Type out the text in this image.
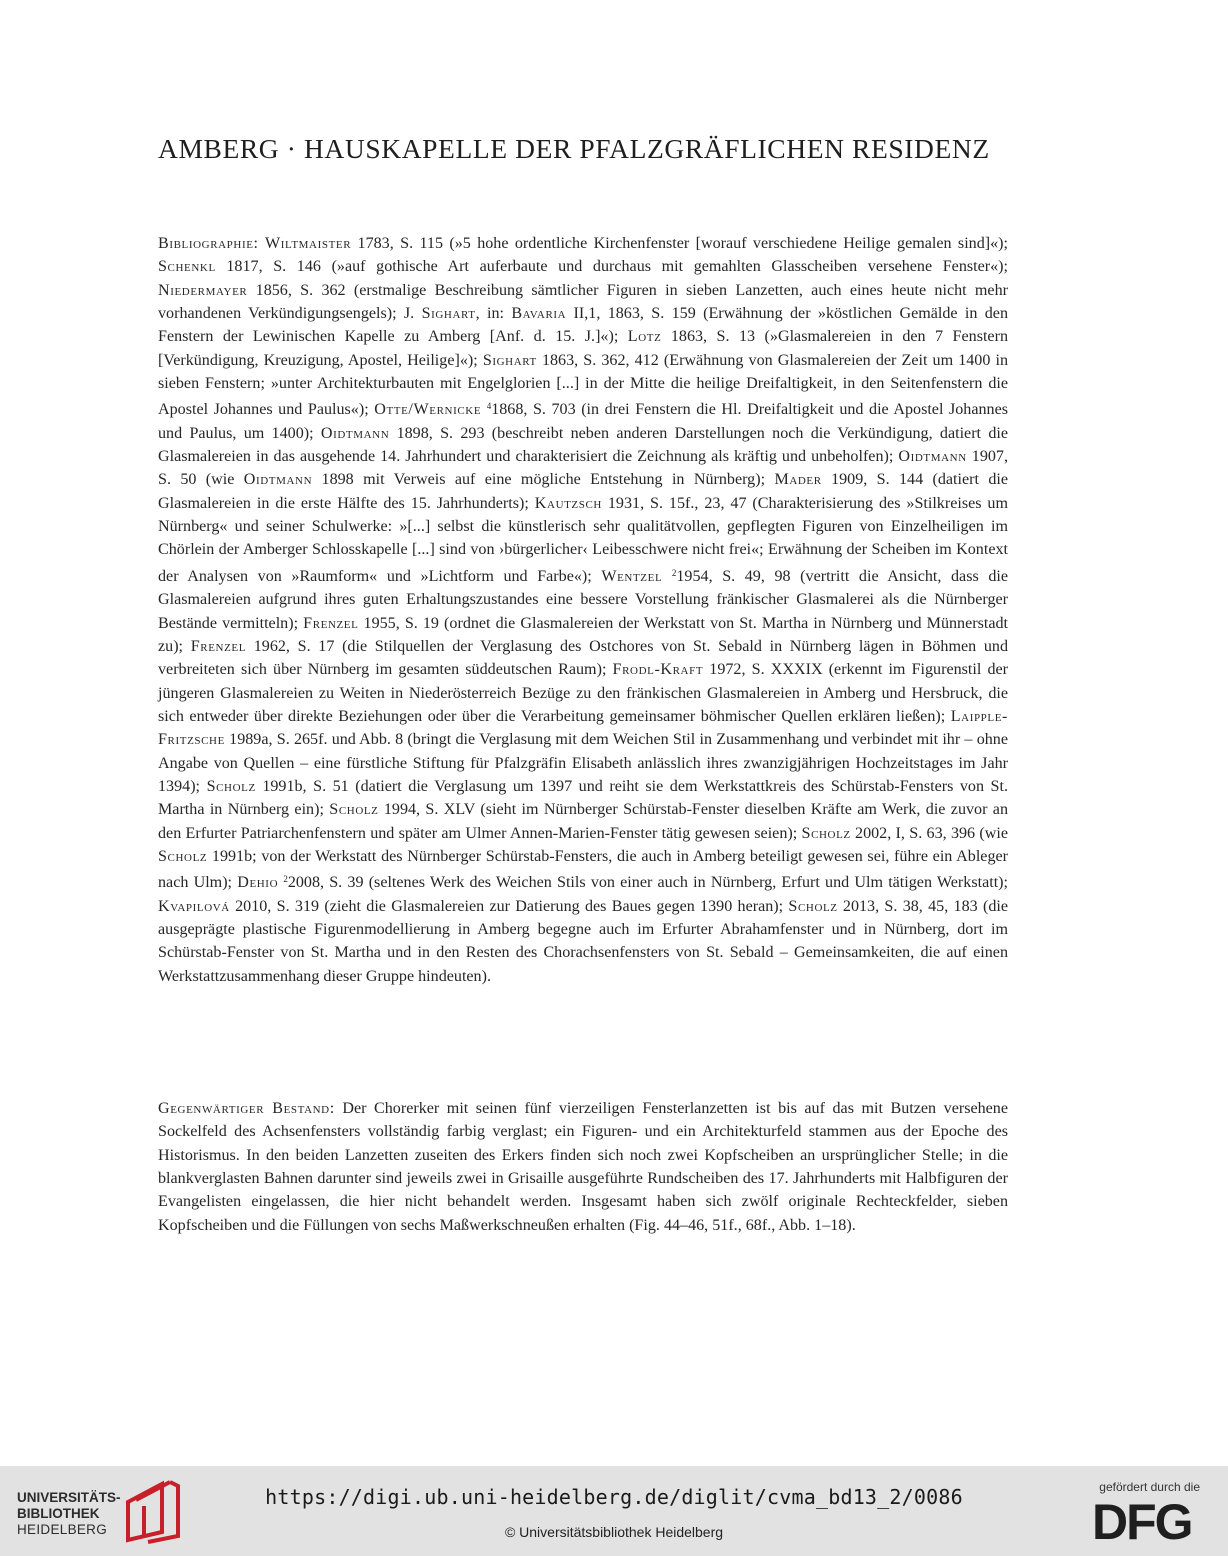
AMBERG · HAUSKAPELLE DER PFALZGRÄFLICHEN RESIDENZ

Bibliographie: Wiltmaister 1783, S. 115 (»5 hohe ordentliche Kirchenfenster [worauf verschiedene Heilige gemalen sind]«); Schenkl 1817, S. 146 (»auf gothische Art auferbaute und durchaus mit gemahlten Glasscheiben versehene Fenster«); Niedermayer 1856, S. 362 (erstmalige Beschreibung sämtlicher Figuren in sieben Lanzetten, auch eines heute nicht mehr vorhandenen Verkündigungsengels); J. Sighart, in: Bavaria II,1, 1863, S. 159 (Erwähnung der »köstlichen Gemälde in den Fenstern der Lewinischen Kapelle zu Amberg [Anf. d. 15. J.]«); Lotz 1863, S. 13 (»Glasmalereien in den 7 Fenstern [Verkündigung, Kreuzigung, Apostel, Heilige]«); Sighart 1863, S. 362, 412 (Erwähnung von Glasmalereien der Zeit um 1400 in sieben Fenstern; »unter Architekturbauten mit Engelglorien [...] in der Mitte die heilige Dreifaltigkeit, in den Seitenfenstern die Apostel Johannes und Paulus«); Otte/Wernicke $^4$1868, S. 703 (in drei Fenstern die Hl. Dreifaltigkeit und die Apostel Johannes und Paulus, um 1400); Oidtmann 1898, S. 293 (beschreibt neben anderen Darstellungen noch die Verkündigung, datiert die Glasmalereien in das ausgehende 14. Jahrhundert und charakterisiert die Zeichnung als kräftig und unbeholfen); Oidtmann 1907, S. 50 (wie Oidtmann 1898 mit Verweis auf eine mögliche Entstehung in Nürnberg); Mader 1909, S. 144 (datiert die Glasmalereien in die erste Hälfte des 15. Jahrhunderts); Kautzsch 1931, S. 15f., 23, 47 (Charakterisierung des »Stilkreises um Nürnberg« und seiner Schulwerke: »[...] selbst die künstlerisch sehr qualitätvollen, gepflegten Figuren von Einzelheiligen im Chörlein der Amberger Schlosskapelle [...] sind von ›bürgerlicher‹ Leibesschwere nicht frei«; Erwähnung der Scheiben im Kontext der Analysen von »Raumform« und »Lichtform und Farbe«); Wentzel $^2$1954, S. 49, 98 (vertritt die Ansicht, dass die Glasmalereien aufgrund ihres guten Erhaltungszustandes eine bessere Vorstellung fränkischer Glasmalerei als die Nürnberger Bestände vermitteln); Frenzel 1955, S. 19 (ordnet die Glasmalereien der Werkstatt von St. Martha in Nürnberg und Münnerstadt zu); Frenzel 1962, S. 17 (die Stilquellen der Verglasung des Ostchores von St. Sebald in Nürnberg lägen in Böhmen und verbreiteten sich über Nürnberg im gesamten süddeutschen Raum); Frodl-Kraft 1972, S. XXXIX (erkennt im Figurenstil der jüngeren Glasmalereien zu Weiten in Niederösterreich Bezüge zu den fränkischen Glasmalereien in Amberg und Hersbruck, die sich entweder über direkte Beziehungen oder über die Verarbeitung gemeinsamer böhmischer Quellen erklären ließen); Laipple-Fritzsche 1989a, S. 265f. und Abb. 8 (bringt die Verglasung mit dem Weichen Stil in Zusammenhang und verbindet mit ihr – ohne Angabe von Quellen – eine fürstliche Stiftung für Pfalzgräfin Elisabeth anlässlich ihres zwanzigjährigen Hochzeitstages im Jahr 1394); Scholz 1991b, S. 51 (datiert die Verglasung um 1397 und reiht sie dem Werkstattkreis des Schürstab-Fensters von St. Martha in Nürnberg ein); Scholz 1994, S. XLV (sieht im Nürnberger Schürstab-Fenster dieselben Kräfte am Werk, die zuvor an den Erfurter Patriarchenfenstern und später am Ulmer Annen-Marien-Fenster tätig gewesen seien); Scholz 2002, I, S. 63, 396 (wie Scholz 1991b; von der Werkstatt des Nürnberger Schürstab-Fensters, die auch in Amberg beteiligt gewesen sei, führe ein Ableger nach Ulm); Dehio $^2$2008, S. 39 (seltenes Werk des Weichen Stils von einer auch in Nürnberg, Erfurt und Ulm tätigen Werkstatt); Kvapilová 2010, S. 319 (zieht die Glasmalereien zur Datierung des Baues gegen 1390 heran); Scholz 2013, S. 38, 45, 183 (die ausgeprägte plastische Figurenmodellierung in Amberg begegne auch im Erfurter Abrahamfenster und in Nürnberg, dort im Schürstab-Fenster von St. Martha und in den Resten des Chorachsenfensters von St. Sebald – Gemeinsamkeiten, die auf einen Werkstattzusammenhang dieser Gruppe hindeuten).

Gegenwärtiger Bestand: Der Chorerker mit seinen fünf vierzeiligen Fensterlanzetten ist bis auf das mit Butzen versehene Sockelfeld des Achsenfensters vollständig farbig verglast; ein Figuren- und ein Architekturfeld stammen aus der Epoche des Historismus. In den beiden Lanzetten zuseiten des Erkers finden sich noch zwei Kopfscheiben an ursprünglicher Stelle; in die blankverglasten Bahnen darunter sind jeweils zwei in Grisaille ausgeführte Rundscheiben des 17. Jahrhunderts mit Halbfiguren der Evangelisten eingelassen, die hier nicht behandelt werden. Insgesamt haben sich zwölf originale Rechteckfelder, sieben Kopfscheiben und die Füllungen von sechs Maßwerkschneußen erhalten (Fig. 44–46, 51f., 68f., Abb. 1–18).

UNIVERSITÄTS-
BIBLIOTHEK
HEIDELBERG
https://digi.ub.uni-heidelberg.de/diglit/cvma_bd13_2/0086
© Universitätsbibliothek Heidelberg
gefördert durch die
DFG
